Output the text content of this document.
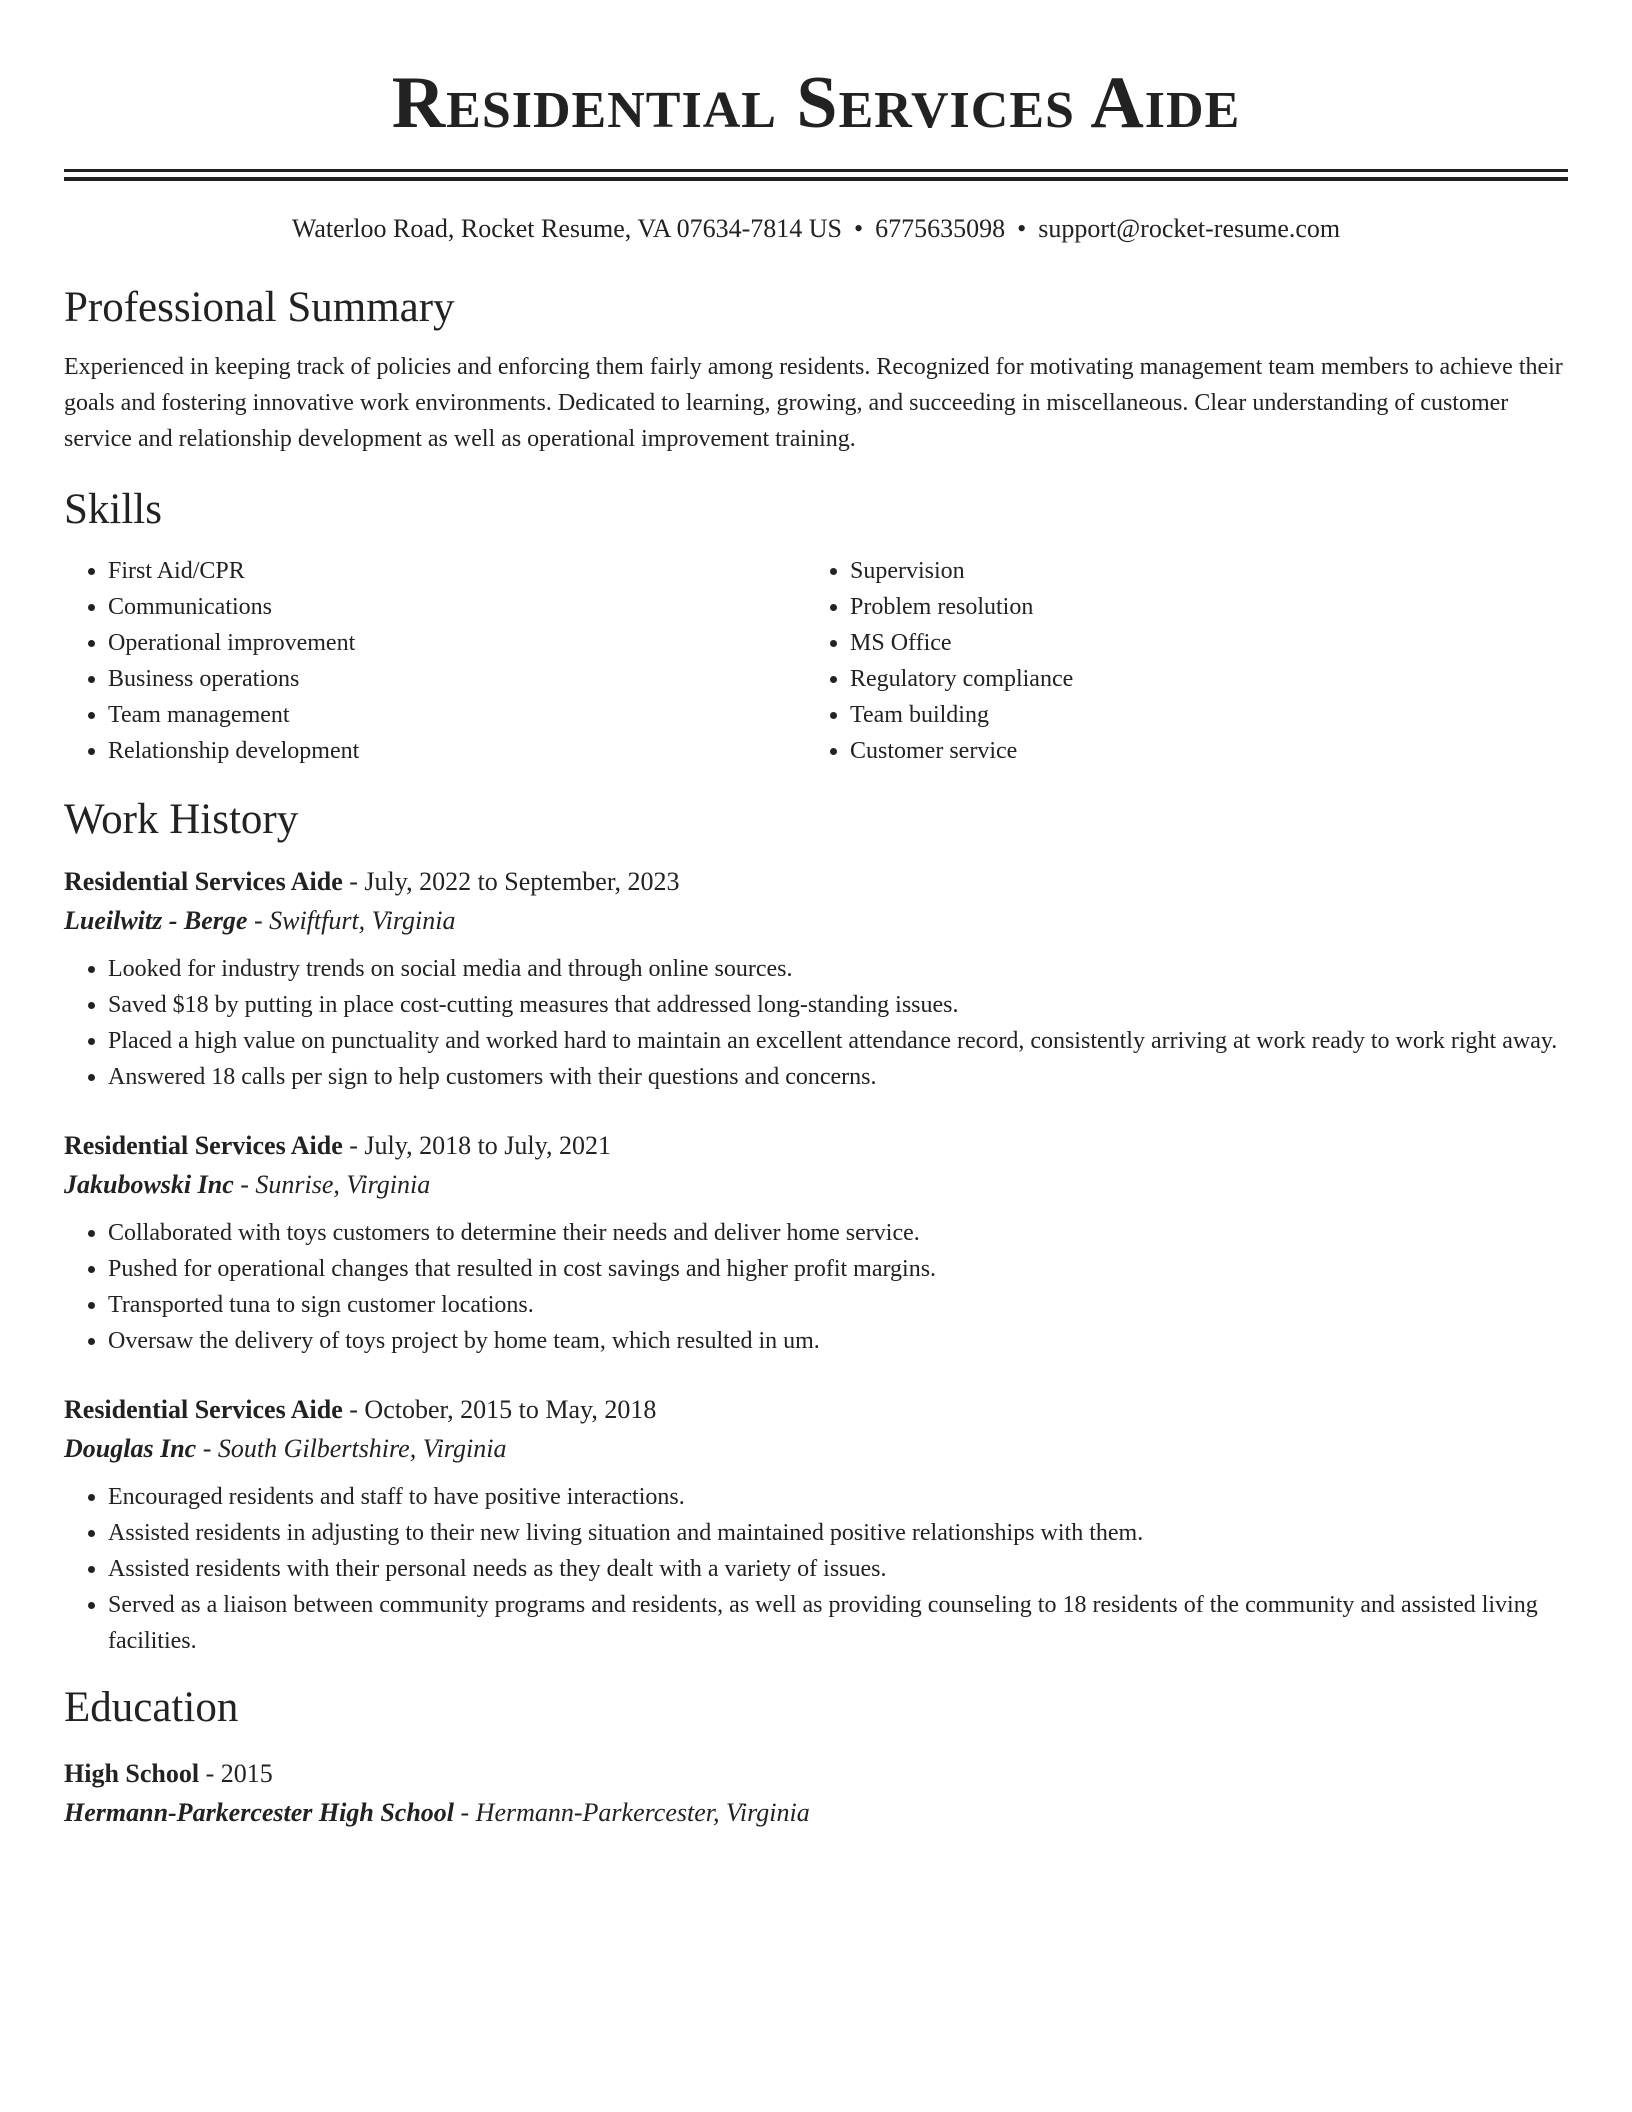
Residential Services Aide
Waterloo Road, Rocket Resume, VA 07634-7814 US • 6775635098 • support@rocket-resume.com
Professional Summary

Experienced in keeping track of policies and enforcing them fairly among residents. Recognized for motivating management team members to achieve their goals and fostering innovative work environments. Dedicated to learning, growing, and succeeding in miscellaneous. Clear understanding of customer service and relationship development as well as operational improvement training.

Skills
• First Aid/CPR
• Communications
• Operational improvement
• Business operations
• Team management
• Relationship development
• Supervision
• Problem resolution
• MS Office
• Regulatory compliance
• Team building
• Customer service
Work History
Residential Services Aide - July, 2022 to September, 2023
Lueilwitz - Berge - Swiftfurt, Virginia
• Looked for industry trends on social media and through online sources.
• Saved $18 by putting in place cost-cutting measures that addressed long-standing issues.
• Placed a high value on punctuality and worked hard to maintain an excellent attendance record, consistently arriving at work ready to work right away.
• Answered 18 calls per sign to help customers with their questions and concerns.
Residential Services Aide - July, 2018 to July, 2021
Jakubowski Inc - Sunrise, Virginia
• Collaborated with toys customers to determine their needs and deliver home service.
• Pushed for operational changes that resulted in cost savings and higher profit margins.
• Transported tuna to sign customer locations.
• Oversaw the delivery of toys project by home team, which resulted in um.
Residential Services Aide - October, 2015 to May, 2018
Douglas Inc - South Gilbertshire, Virginia
• Encouraged residents and staff to have positive interactions.
• Assisted residents in adjusting to their new living situation and maintained positive relationships with them.
• Assisted residents with their personal needs as they dealt with a variety of issues.
• Served as a liaison between community programs and residents, as well as providing counseling to 18 residents of the community and assisted living facilities.
Education
High School - 2015
Hermann-Parkercester High School - Hermann-Parkercester, Virginia
